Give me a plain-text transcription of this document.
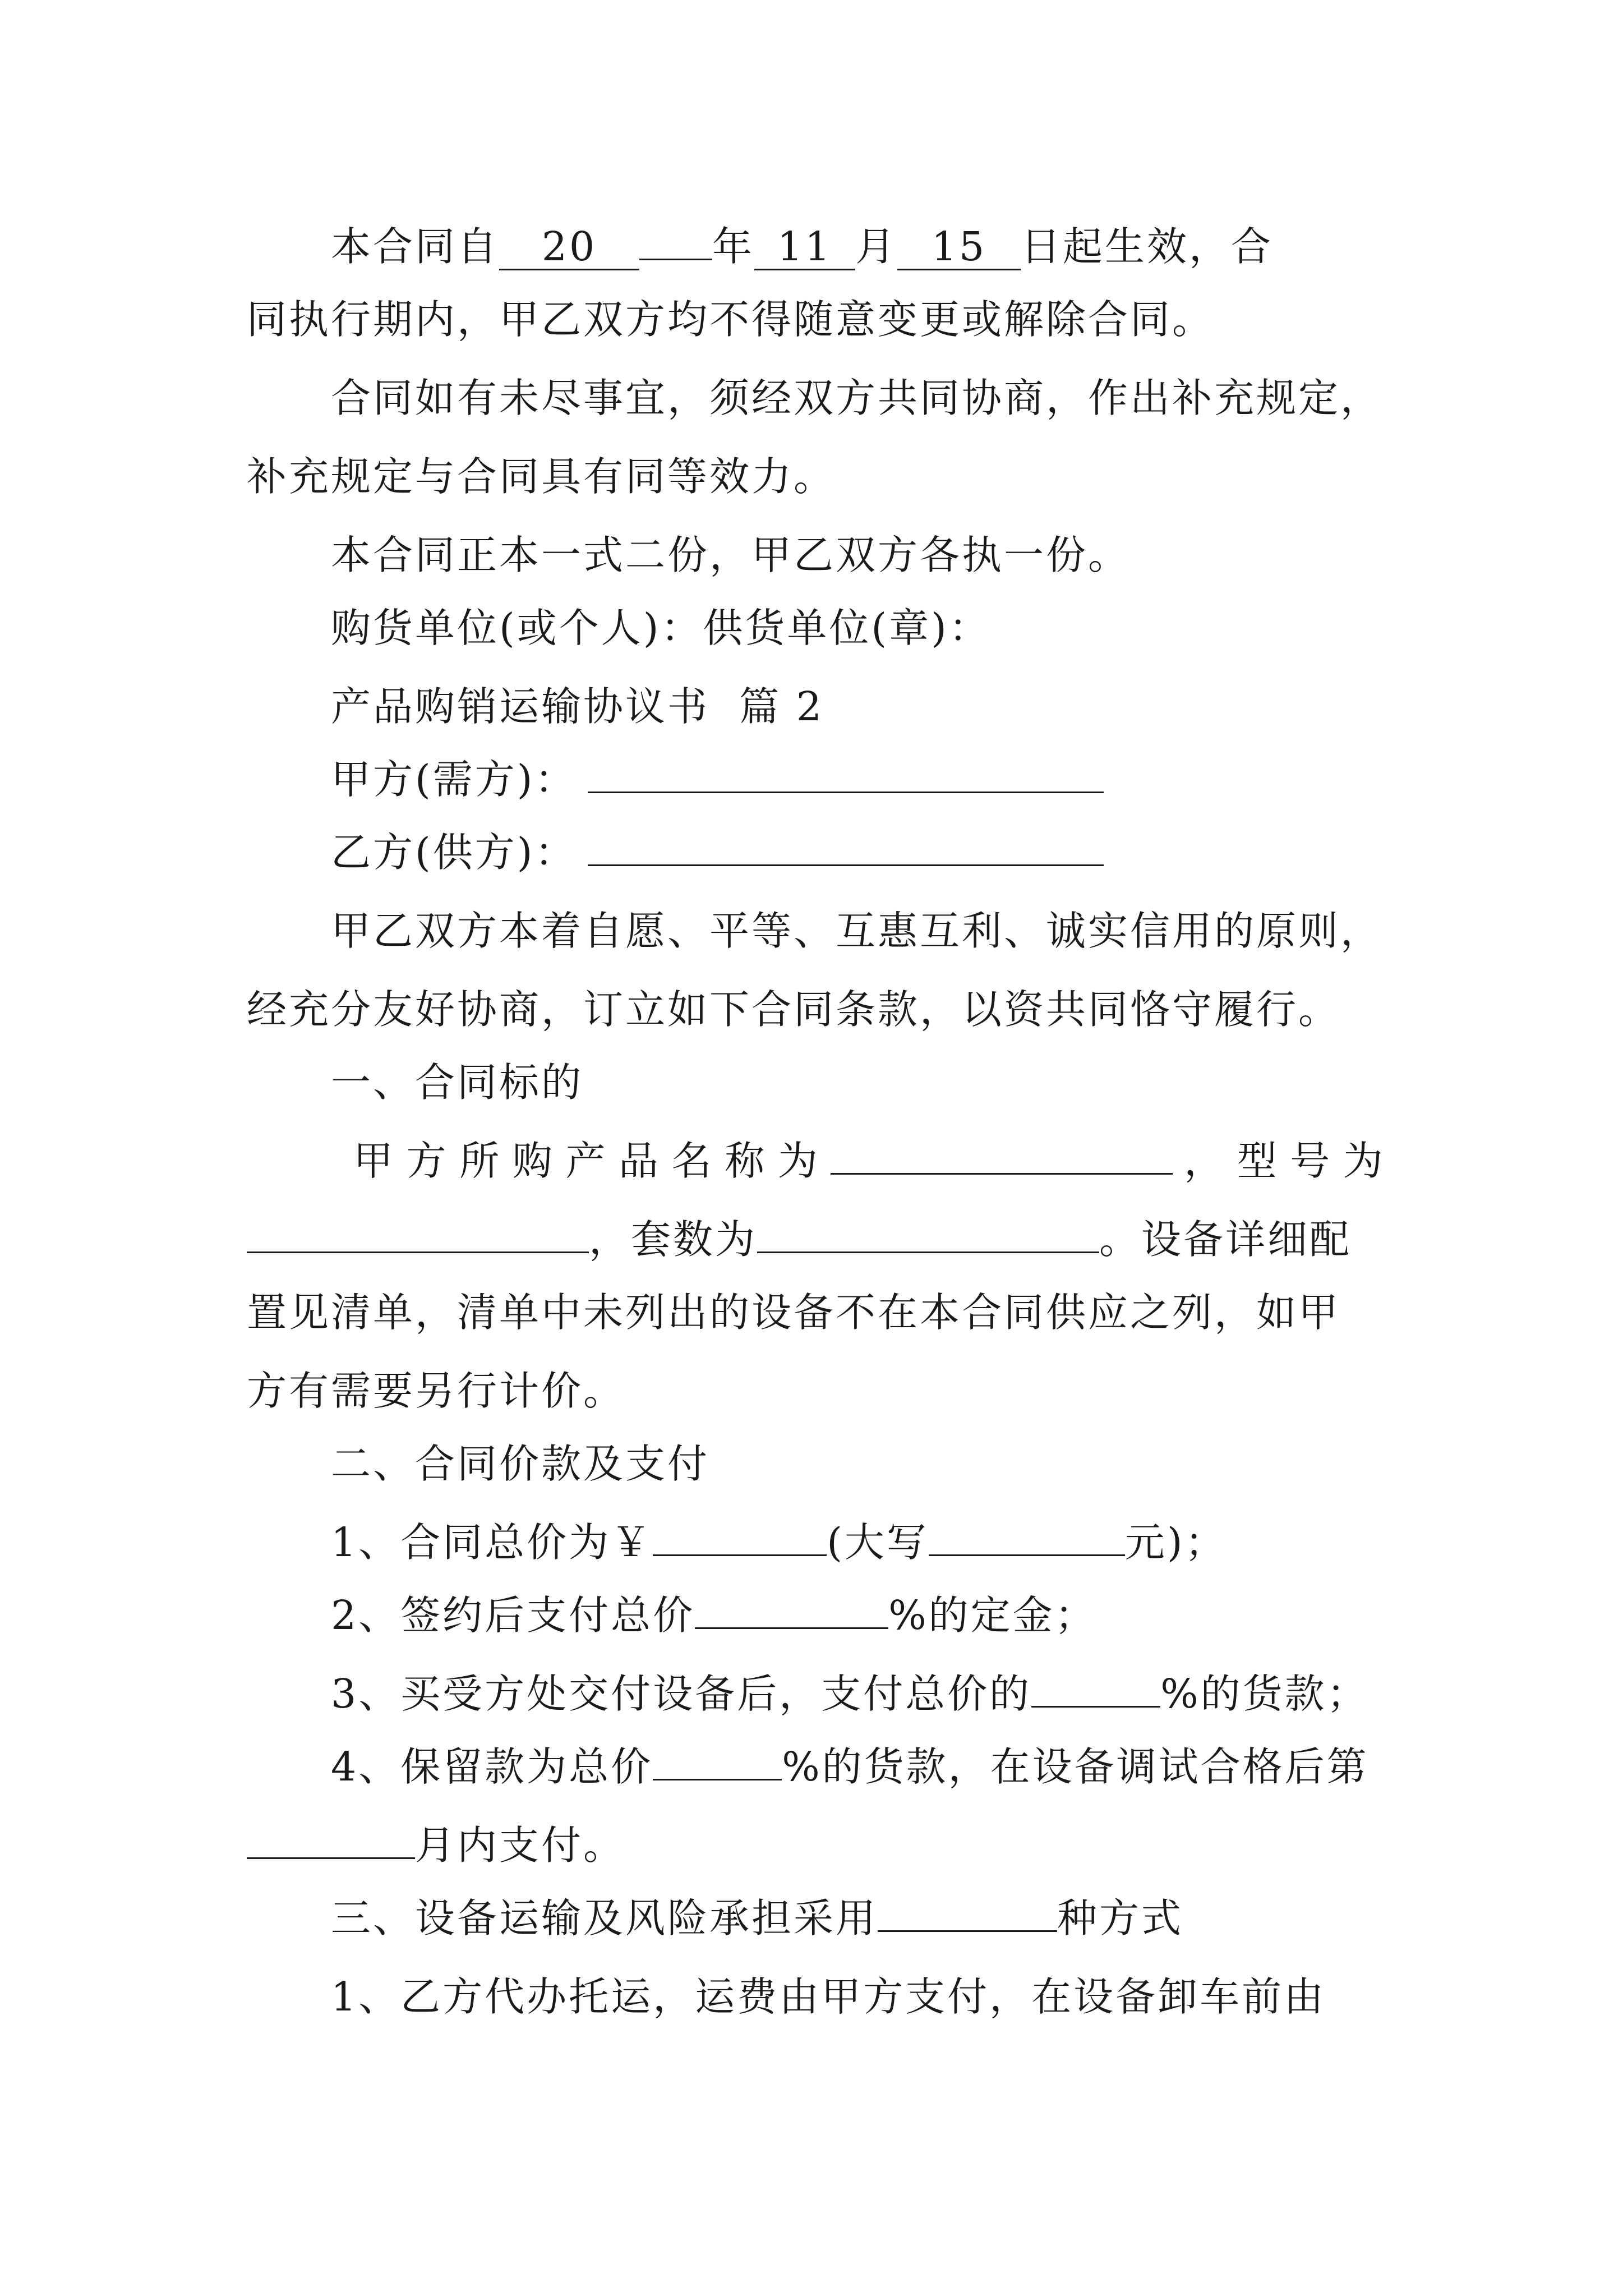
本合同自 20	年 11 月 15 日起生效，合
同执行期内，甲乙双方均不得随意变更或解除合同。
合同如有未尽事宜，须经双方共同协商，作出补充规定，
补充规定与合同具有同等效力。
本合同正本一式二份，甲乙双方各执一份。
购货单位(或个人)：供货单位(章)：
产品购销运输协议书  篇 2
甲方(需方)：
乙方(供方)：
甲乙双方本着自愿、平等、互惠互利、诚实信用的原则，
经充分友好协商，订立如下合同条款，以资共同恪守履行。
一、合同标的
甲 方 所 购 产 品 名 称 为	， 型 号 为
，套数为	。设备详细配
置见清单，清单中未列出的设备不在本合同供应之列，如甲
方有需要另行计价。
二、合同价款及支付
1、合同总价为￥	(大写	元)；
2、签约后支付总价	%的定金；
3、买受方处交付设备后，支付总价的	%的货款；
4、保留款为总价	%的货款，在设备调试合格后第
月内支付。
三、设备运输及风险承担采用	种方式
1、乙方代办托运，运费由甲方支付，在设备卸车前由
